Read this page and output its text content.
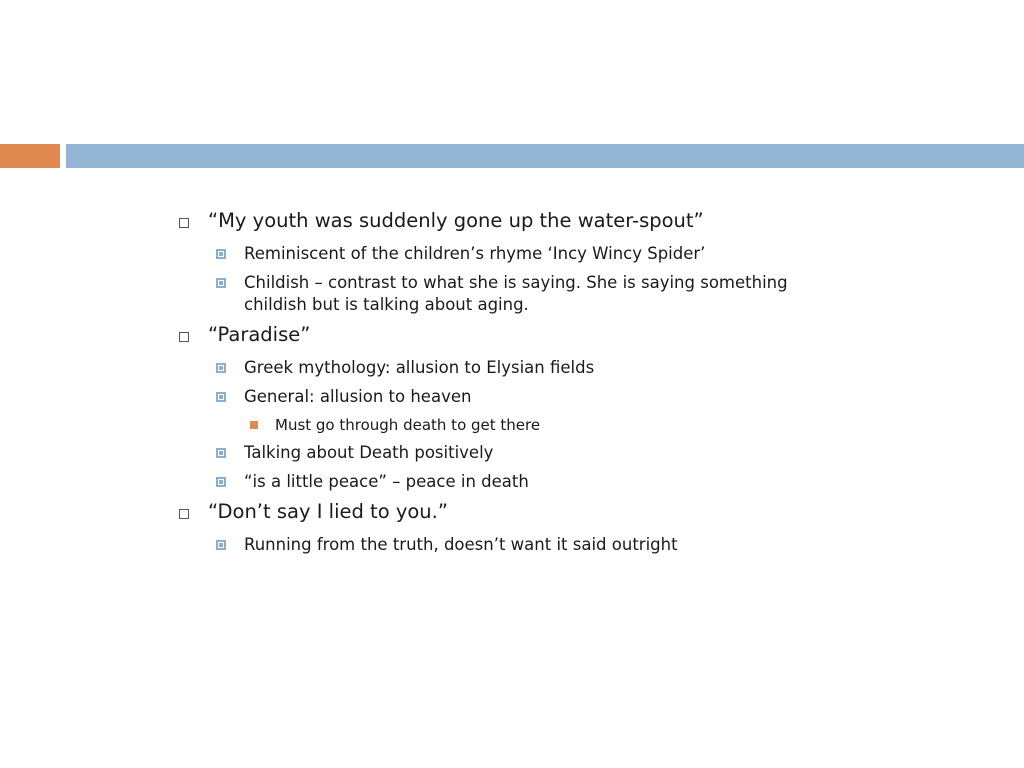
“My youth was suddenly gone up the water-spout”
Reminiscent of the children’s rhyme ‘Incy Wincy Spider’
Childish – contrast to what she is saying. She is saying something childish but is talking about aging.
“Paradise”
Greek mythology: allusion to Elysian fields
General: allusion to heaven
Must go through death to get there
Talking about Death positively
“is a little peace” – peace in death
“Don’t say I lied to you.”
Running from the truth, doesn’t want it said outright
